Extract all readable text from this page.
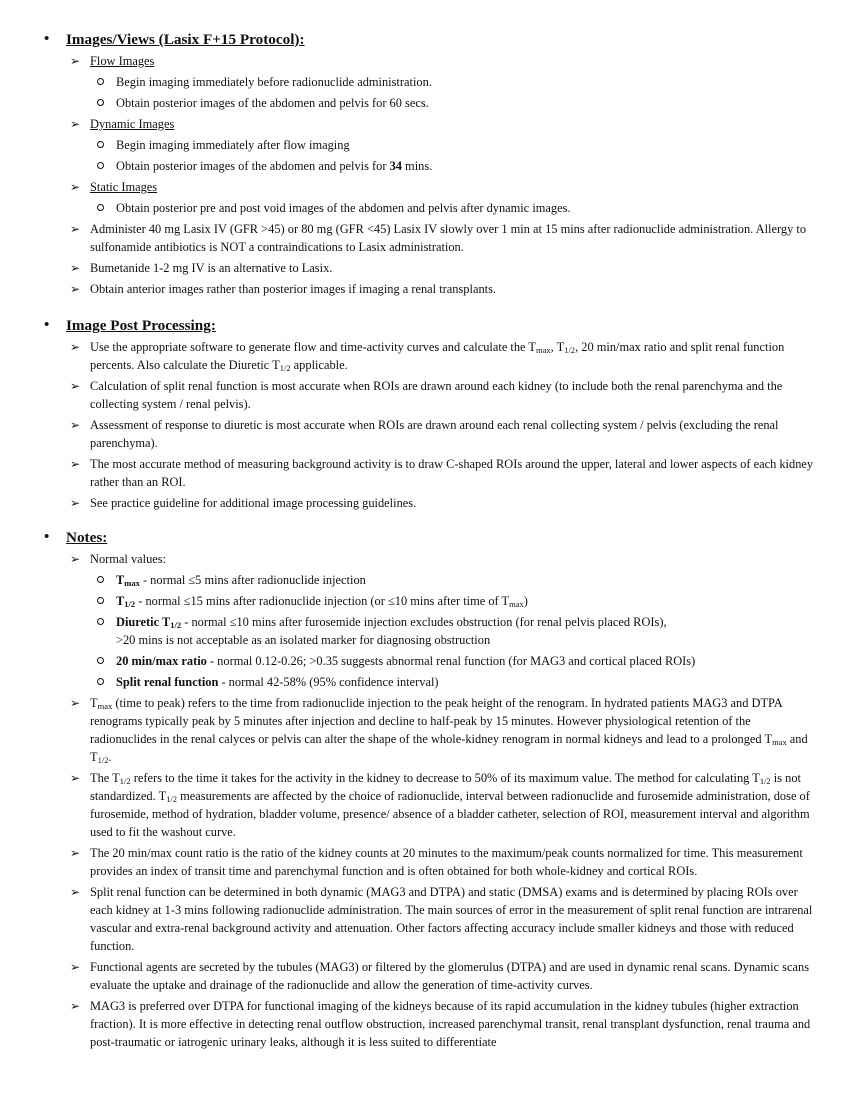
• Images/Views (Lasix F+15 Protocol):
➢ Flow Images
Begin imaging immediately before radionuclide administration.
Obtain posterior images of the abdomen and pelvis for 60 secs.
➢ Dynamic Images
Begin imaging immediately after flow imaging
Obtain posterior images of the abdomen and pelvis for 34 mins.
➢ Static Images
Obtain posterior pre and post void images of the abdomen and pelvis after dynamic images.
➢ Administer 40 mg Lasix IV (GFR >45) or 80 mg (GFR <45) Lasix IV slowly over 1 min at 15 mins after radionuclide administration. Allergy to sulfonamide antibiotics is NOT a contraindications to Lasix administration.
➢ Bumetanide 1-2 mg IV is an alternative to Lasix.
➢ Obtain anterior images rather than posterior images if imaging a renal transplants.
• Image Post Processing:
➢ Use the appropriate software to generate flow and time-activity curves and calculate the $T_{max}$, $T_{1/2}$, 20 min/max ratio and split renal function percents. Also calculate the Diuretic $T_{1/2}$ applicable.
➢ Calculation of split renal function is most accurate when ROIs are drawn around each kidney (to include both the renal parenchyma and the collecting system / renal pelvis).
➢ Assessment of response to diuretic is most accurate when ROIs are drawn around each renal collecting system / pelvis (excluding the renal parenchyma).
➢ The most accurate method of measuring background activity is to draw C-shaped ROIs around the upper, lateral and lower aspects of each kidney rather than an ROI.
➢ See practice guideline for additional image processing guidelines.
• Notes:
➢ Normal values:
$T_{max}$ - normal ≤5 mins after radionuclide injection
$T_{1/2}$ - normal ≤15 mins after radionuclide injection (or ≤10 mins after time of $T_{max}$)
Diuretic $T_{1/2}$ - normal ≤10 mins after furosemide injection excludes obstruction (for renal pelvis placed ROIs),
>20 mins is not acceptable as an isolated marker for diagnosing obstruction
20 min/max ratio - normal 0.12-0.26; >0.35 suggests abnormal renal function (for MAG3 and cortical placed ROIs)
Split renal function - normal 42-58% (95% confidence interval)
➢ $T_{max}$ (time to peak) refers to the time from radionuclide injection to the peak height of the renogram. In hydrated patients MAG3 and DTPA renograms typically peak by 5 minutes after injection and decline to half-peak by 15 minutes. However physiological retention of the radionuclides in the renal calyces or pelvis can alter the shape of the whole-kidney renogram in normal kidneys and lead to a prolonged $T_{max}$ and $T_{1/2}$.
➢ The $T_{1/2}$ refers to the time it takes for the activity in the kidney to decrease to 50% of its maximum value. The method for calculating $T_{1/2}$ is not standardized. $T_{1/2}$ measurements are affected by the choice of radionuclide, interval between radionuclide and furosemide administration, dose of furosemide, method of hydration, bladder volume, presence/ absence of a bladder catheter, selection of ROI, measurement interval and algorithm used to fit the washout curve.
➢ The 20 min/max count ratio is the ratio of the kidney counts at 20 minutes to the maximum/peak counts normalized for time. This measurement provides an index of transit time and parenchymal function and is often obtained for both whole-kidney and cortical ROIs.
➢ Split renal function can be determined in both dynamic (MAG3 and DTPA) and static (DMSA) exams and is determined by placing ROIs over each kidney at 1-3 mins following radionuclide administration. The main sources of error in the measurement of split renal function are intrarenal vascular and extra-renal background activity and attenuation. Other factors affecting accuracy include smaller kidneys and those with reduced function.
➢ Functional agents are secreted by the tubules (MAG3) or filtered by the glomerulus (DTPA) and are used in dynamic renal scans. Dynamic scans evaluate the uptake and drainage of the radionuclide and allow the generation of time-activity curves.
➢ MAG3 is preferred over DTPA for functional imaging of the kidneys because of its rapid accumulation in the kidney tubules (higher extraction fraction). It is more effective in detecting renal outflow obstruction, increased parenchymal transit, renal transplant dysfunction, renal trauma and post-traumatic or iatrogenic urinary leaks, although it is less suited to differentiate
